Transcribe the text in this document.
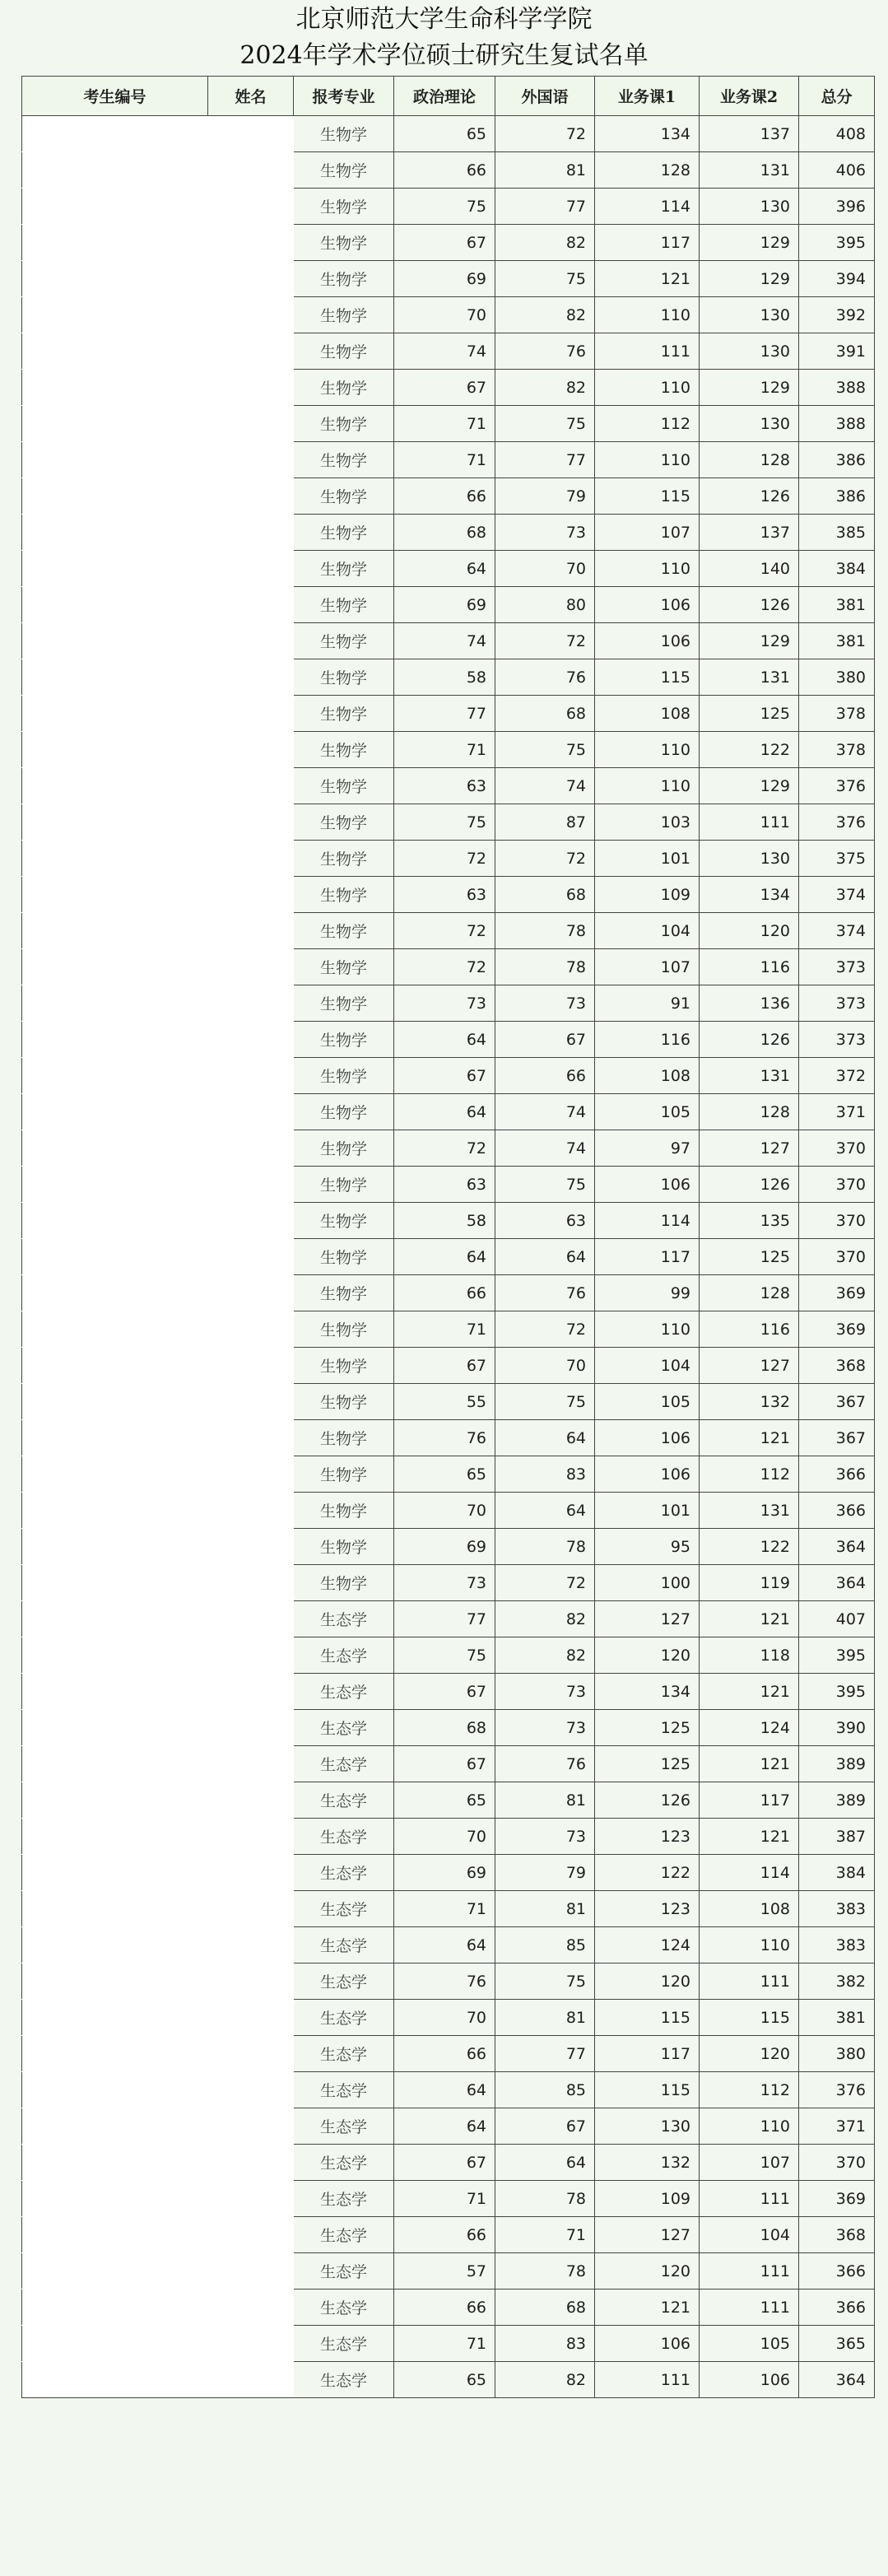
北京师范大学生命科学学院
2024年学术学位硕士研究生复试名单
考生编号	姓名	报考专业	政治理论	外国语	业务课1	业务课2	总分
		生物学	65	72	134	137	408
		生物学	66	81	128	131	406
		生物学	75	77	114	130	396
		生物学	67	82	117	129	395
		生物学	69	75	121	129	394
		生物学	70	82	110	130	392
		生物学	74	76	111	130	391
		生物学	67	82	110	129	388
		生物学	71	75	112	130	388
		生物学	71	77	110	128	386
		生物学	66	79	115	126	386
		生物学	68	73	107	137	385
		生物学	64	70	110	140	384
		生物学	69	80	106	126	381
		生物学	74	72	106	129	381
		生物学	58	76	115	131	380
		生物学	77	68	108	125	378
		生物学	71	75	110	122	378
		生物学	63	74	110	129	376
		生物学	75	87	103	111	376
		生物学	72	72	101	130	375
		生物学	63	68	109	134	374
		生物学	72	78	104	120	374
		生物学	72	78	107	116	373
		生物学	73	73	91	136	373
		生物学	64	67	116	126	373
		生物学	67	66	108	131	372
		生物学	64	74	105	128	371
		生物学	72	74	97	127	370
		生物学	63	75	106	126	370
		生物学	58	63	114	135	370
		生物学	64	64	117	125	370
		生物学	66	76	99	128	369
		生物学	71	72	110	116	369
		生物学	67	70	104	127	368
		生物学	55	75	105	132	367
		生物学	76	64	106	121	367
		生物学	65	83	106	112	366
		生物学	70	64	101	131	366
		生物学	69	78	95	122	364
		生物学	73	72	100	119	364
		生态学	77	82	127	121	407
		生态学	75	82	120	118	395
		生态学	67	73	134	121	395
		生态学	68	73	125	124	390
		生态学	67	76	125	121	389
		生态学	65	81	126	117	389
		生态学	70	73	123	121	387
		生态学	69	79	122	114	384
		生态学	71	81	123	108	383
		生态学	64	85	124	110	383
		生态学	76	75	120	111	382
		生态学	70	81	115	115	381
		生态学	66	77	117	120	380
		生态学	64	85	115	112	376
		生态学	64	67	130	110	371
		生态学	67	64	132	107	370
		生态学	71	78	109	111	369
		生态学	66	71	127	104	368
		生态学	57	78	120	111	366
		生态学	66	68	121	111	366
		生态学	71	83	106	105	365
		生态学	65	82	111	106	364
